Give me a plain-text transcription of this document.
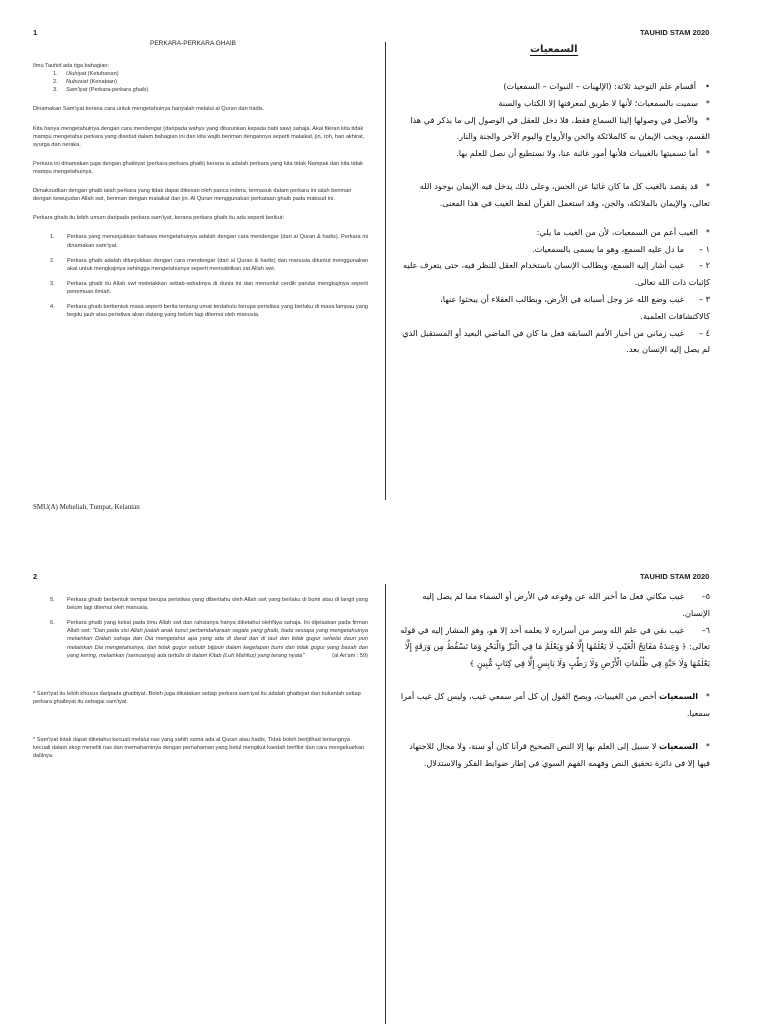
1	TAUHID STAM 2020
PERKARA-PERKARA GHAIB

Ilmu Tauhid ada tiga bahagian:

1. Uluhiyat (Ketuhanan)
2. Nubuwat (Kenabian)
3. Sam'iyat (Perkara-perkara ghaib)

Dinamakan Sam'iyat kerana cara untuk mengetahuinya hanyalah melalui al Quran dan hadis.

Kita hanya mengetahuinya dengan cara mendengar (daripada wahyu yang diturunkan kepada nabi saw) sahaja. Akal fikiran kita tidak mampu mengetahui perkara yang disebut dalam bahagian ini dan kita wajib beriman dengannya seperti malaikat, jin, roh, hari akhirat, syurga dan neraka.

Perkara ini dinamakan juga dengan ghaibiyat (perkara-perkara ghaib) kerana ia adalah perkara yang kita tidak Nampak dan kita tidak mampu mengetahuinya.

Dimaksudkan dengan ghaib ialah perkara yang tidak dapat dikesan oleh panca indera, termasuk dalam perkara ini ialah beriman dengan kewujudan Allah swt, beriman dengan malaikat dan jin. Al Quran menggunakan perkataan ghaib pada maksud ini.

Perkara ghaib itu lebih umum daripada perkara sam'iyat, kerana perkara ghaib itu ada seperti berikut:

1. Perkara yang menunjukkan bahawa mengetahuinya adalah dengan cara mendengar (dari al Quran & hadis). Perkara ini dinamakan sam'iyat.
2. Perkara ghaib adalah ditunjukkan dengan cara mendengar (dari al Quran & hadis) dan manusia dituntut menggunakan akal untuk mengkajinya sehingga mengetahuinya seperti mensabitkan zat Allah swt.
3. Perkara ghaib itu Allah swt meletakkan sebab-sebabnya di dunia ini dan menuntut cerdik pandai mengkajinya seperti penemuan ilmiah.
4. Perkara ghaib berbentuk masa seperti berita tentang umat terdahulu berupa peristiwa yang berlaku di masa lampau yang begitu jauh atau peristiwa akan datang yang belum lagi ditemui oleh manusia.
SMU(A) Meheliah, Tumpat, Kelantan
السمعيات
•أقسام علم التوحيد ثلاثة: (الإلهيات – النبوات – السمعيات)
*سميت بالسمعيات؛ لأنها لا طريق لمعرفتها إلا الكتاب والسنة
*والأصل في وصولها إلينا السماع فقط، فلا دخل للعقل في الوصول إلى ما يذكر في هذا القسم، ويجب الإيمان به كالملائكة والجن والأرواح واليوم الآخر والجنة والنار.
*أما تسميتها بالغيبيات فلأنها أمور غائبة عنا، ولا نستطيع أن نصل للعلم بها.
*قد يقصد بالغيب كل ما كان غائبا عن الحس، وعلى ذلك يدخل فيه الإيمان بوجود الله تعالى، والإيمان بالملائكة، والجن، وقد استعمل القرآن لفظ الغيب في هذا المعنى.
*الغيب أعم من السمعيات، لأن من الغيب ما يلي:
١ –ما دل عليه السمع، وهو ما يسمى بالسمعيات.
٢ –غيب أشار إليه السمع، ويطالب الإنسان باستخدام العقل للنظر فيه، حتى يتعرف عليه كإثبات ذات الله تعالى.
٣ –غيب وضع الله عز وجل أسبابه في الأرض، ويطالب العقلاء أن يبحثوا عنها، كالاكتشافات العلمية.
٤ –غيب زماني من أخبار الأمم السابقة فعل ما كان في الماضي البعيد أو المستقبل الذي لم يصل إليه الإنسان بعد.
2	TAUHID STAM 2020
5. Perkara ghaib berbentuk tempat berupa peristiwa yang diberitahu oleh Allah swt yang berlaku di bumi atau di langit yang belum lagi ditemui oleh manusia.
6. Perkara ghaib yang kekal pada ilmu Allah swt dan rahsianya hanya diketahui olehNya sahaja. Ini dijelaskan pada firman Allah swt: "Dan pada sisi Allah jualah anak kunci perbendaharaan segala yang ghaib, tiada sesiapa yang mengetahuinya melainkan Dialah sahaja dan Dia mengetahui apa yang ada di darat dan di laut dan tidak gugur sehelai daun pun melainkan Dia mengetahuinya, dan tidak gugur sebutir bijipun dalam kegelapan bumi dan tidak gugur yang basah dan yang kering, melainkan (semuanya) ada tertulis di dalam Kitab (Luh Mahfuz) yang terang nyata"	(al An'am : 59)

* Sam'iyat itu lebih khusus daripada ghaibiyat. Boleh juga dikatakan setiap perkara sam'iyat itu adalah ghaibiyat dan bukanlah setiap perkara ghaibiyat itu sebagai sam'iyat.

* Sam'iyat tidak dapat diketahui kecuali melalui nas yang sahih sama ada al Quran atau hadis. Tidak boleh berijtihad tentangnya kecuali dalam skop meneliti nas dan memahaminya dengan pemahaman yang betul mengikut kaedah berfikir dan cara mengeluarkan dalilnya.

٥–غيب مكاني فعل ما أخبر الله عن وقوعه في الأرض أو السماء مما لم يصل إليه الإنسان.
٦–غيب بقي في علم الله وسر من أسراره لا يعلمه أحد إلا هو، وهو المشار إليه في قوله تعالى: ﴿ وَعِندَهُ مَفَاتِحُ الْغَيْبِ لَا يَعْلَمُهَا إِلَّا هُوَ وَيَعْلَمُ مَا فِي الْبَرِّ وَالْبَحْرِ وَمَا تَسْقُطُ مِن وَرَقَةٍ إِلَّا يَعْلَمُهَا وَلَا حَبَّةٍ فِي ظُلُمَاتِ الْأَرْضِ وَلَا رَطْبٍ وَلَا يَابِسٍ إِلَّا فِي كِتَابٍ مُّبِينٍ ﴾
*السمعيات أخص من الغيبيات، ويصح القول إن كل أمر سمعي غيب، وليس كل غيب أمرا سمعيا.
*السمعيات لا سبيل إلى العلم بها إلا النص الصحيح قرآنا كان أو سنة، ولا مجال للاجتهاد فيها إلا في دائرة تحقيق النص وفهمه الفهم السوي في إطار ضوابط الفكر والاستدلال.
